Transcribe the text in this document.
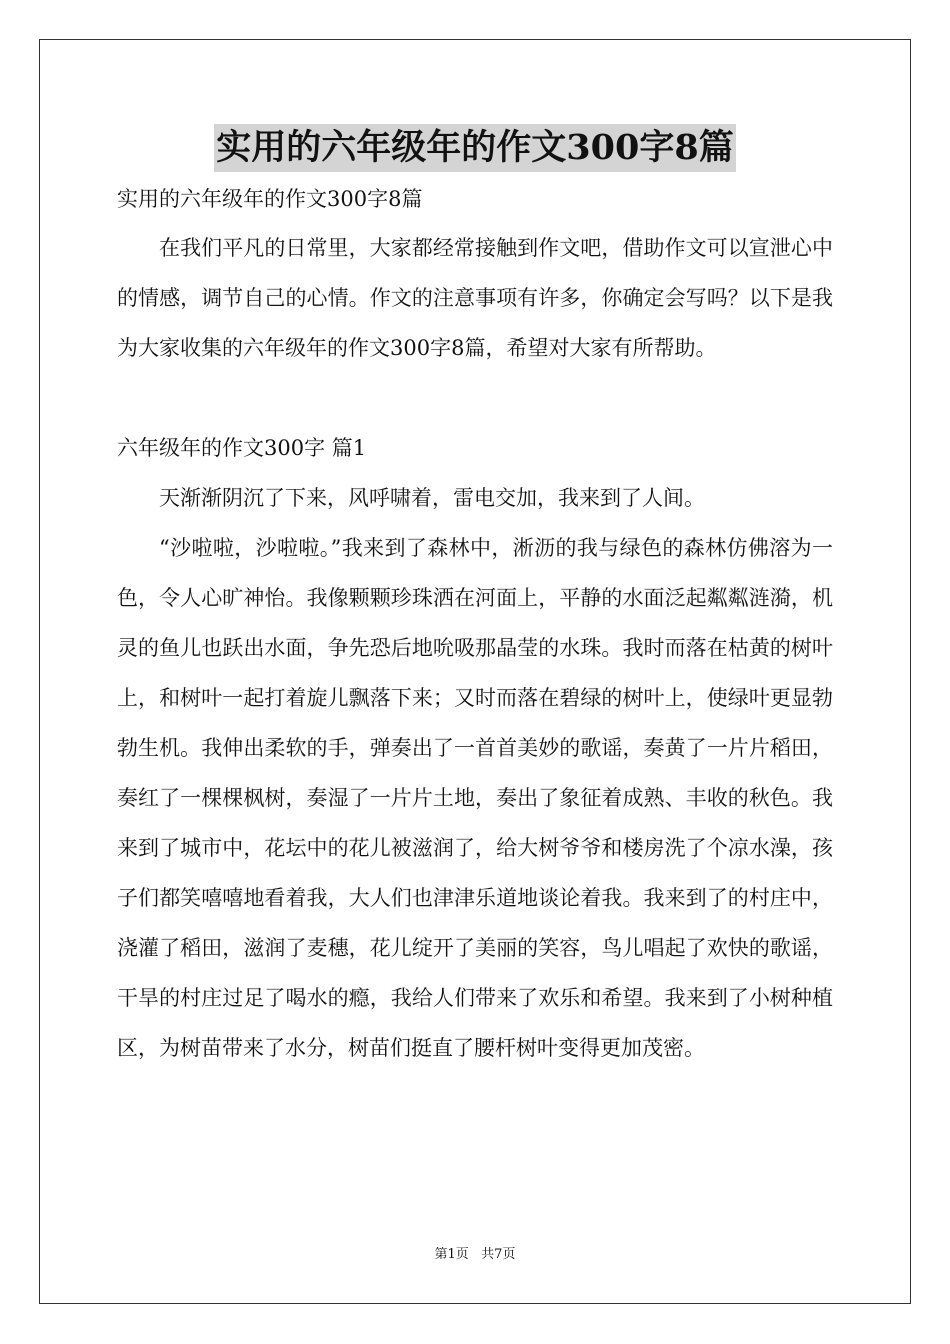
实用的六年级年的作文300字8篇
实用的六年级年的作文300字8篇
在我们平凡的日常里，大家都经常接触到作文吧，借助作文可以宣泄心中的情感，调节自己的心情。作文的注意事项有许多，你确定会写吗？以下是我为大家收集的六年级年的作文300字8篇，希望对大家有所帮助。
六年级年的作文300字 篇1
天渐渐阴沉了下来，风呼啸着，雷电交加，我来到了人间。
“沙啦啦，沙啦啦。”我来到了森林中，淅沥的我与绿色的森林仿佛溶为一色，令人心旷神怡。我像颗颗珍珠洒在河面上，平静的水面泛起粼粼涟漪，机灵的鱼儿也跃出水面，争先恐后地吮吸那晶莹的水珠。我时而落在枯黄的树叶上，和树叶一起打着旋儿飘落下来；又时而落在碧绿的树叶上，使绿叶更显勃勃生机。我伸出柔软的手，弹奏出了一首首美妙的歌谣，奏黄了一片片稻田，奏红了一棵棵枫树，奏湿了一片片土地，奏出了象征着成熟、丰收的秋色。我来到了城市中，花坛中的花儿被滋润了，给大树爷爷和楼房洗了个凉水澡，孩子们都笑嘻嘻地看着我，大人们也津津乐道地谈论着我。我来到了的村庄中，浇灌了稻田，滋润了麦穗，花儿绽开了美丽的笑容，鸟儿唱起了欢快的歌谣，干旱的村庄过足了喝水的瘾，我给人们带来了欢乐和希望。我来到了小树种植区，为树苗带来了水分，树苗们挺直了腰杆树叶变得更加茂密。
第1页   共7页
